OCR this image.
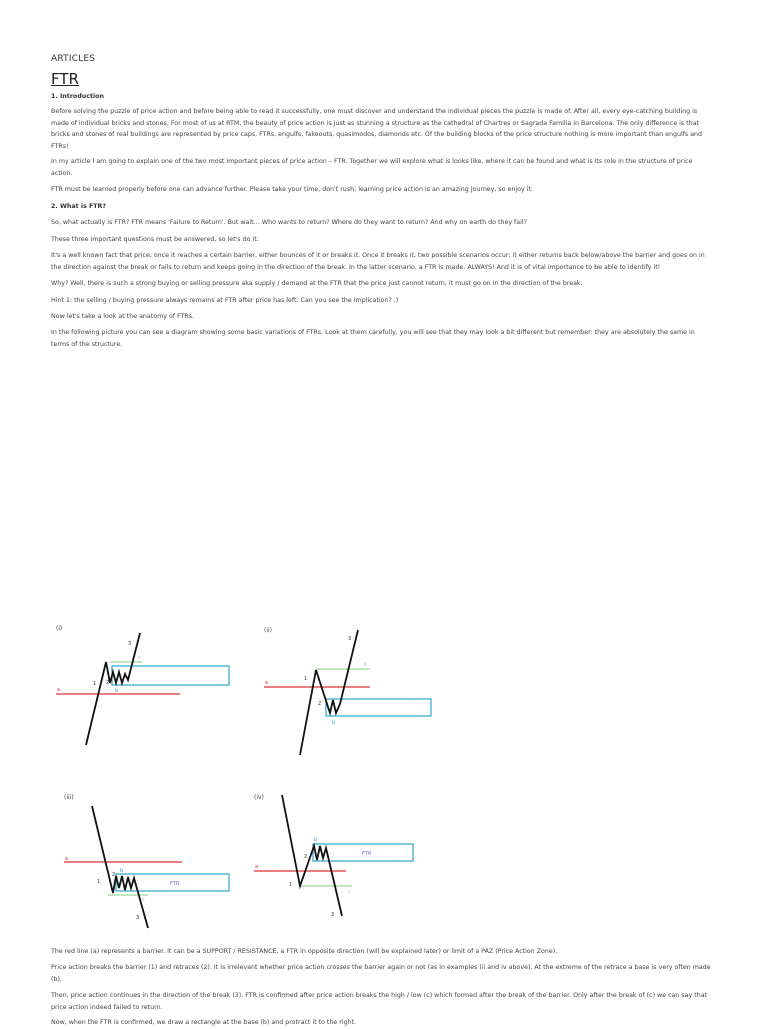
ARTICLES
FTR

1. Introduction

Before solving the puzzle of price action and before being able to read it successfully, one must discover and understand the individual pieces the puzzle is made of. After all, every eye-catching building is made of individual bricks and stones. For most of us at RTM, the beauty of price action is just as stunning a structure as the cathedral of Chartres or Sagrada Familia in Barcelona. The only difference is that bricks and stones of real buildings are represented by price caps, FTRs, engulfs, fakeouts, quasimodos, diamonds etc. Of the building blocks of the price structure nothing is more important than engulfs and FTRs!

In my article I am going to explain one of the two most important pieces of price action – FTR. Together we will explore what is looks like, where it can be found and what is its role in the structure of price action.

FTR must be learned properly before one can advance further. Please take your time, don't rush; learning price action is an amazing journey, so enjoy it.

2. What is FTR?

So, what actually is FTR? FTR means 'Failure to Return'. But wait… Who wants to return? Where do they want to return? And why on earth do they fail?

These three important questions must be answered, so let's do it.

It's a well known fact that price, once it reaches a certain barrier, either bounces of it or breaks it. Once it breaks it, two possible scenarios occur: it either returns back below/above the barrier and goes on in the direction against the break or fails to return and keeps going in the direction of the break. In the latter scenario, a FTR is made. ALWAYS! And it is of vital importance to be able to identify it!

Why? Well, there is such a strong buying or selling pressure aka supply / demand at the FTR that the price just cannot return, it must go on in the direction of the break.

Hint 1: the selling / buying pressure always remains at FTR after price has left. Can you see the implication? ;)

Now let's take a look at the anatomy of FTRs.

In the following picture you can see a diagram showing some basic variations of FTRs. Look at them carefully, you will see that they may look a bit different but remember: they are absolutely the same in terms of the structure.

The red line (a) represents a barrier. It can be a SUPPORT / RESISTANCE, a FTR in opposite direction (will be explained later) or limit of a PAZ (Price Action Zone).

Price action breaks the barrier (1) and retraces (2). It is irrelevant whether price action crosses the barrier again or not (as in examples (ii and iv above). At the extreme of the retrace a base is very often made (b).

Then, price action continues in the direction of the break (3). FTR is confirmed after price action breaks the high / low (c) which formed after the break of the barrier. Only after the break of (c) we can say that price action indeed failed to return.

Now, when the FTR is confirmed, we draw a rectangle at the base (b) and protract it to the right.

(i)
a
c
b
1 2
3
(ii)
a
c
b
1
2
3
(iii)
a
FTR
c
1
2
b
3
(iv)
a
FTR
b
c
1
2
3
